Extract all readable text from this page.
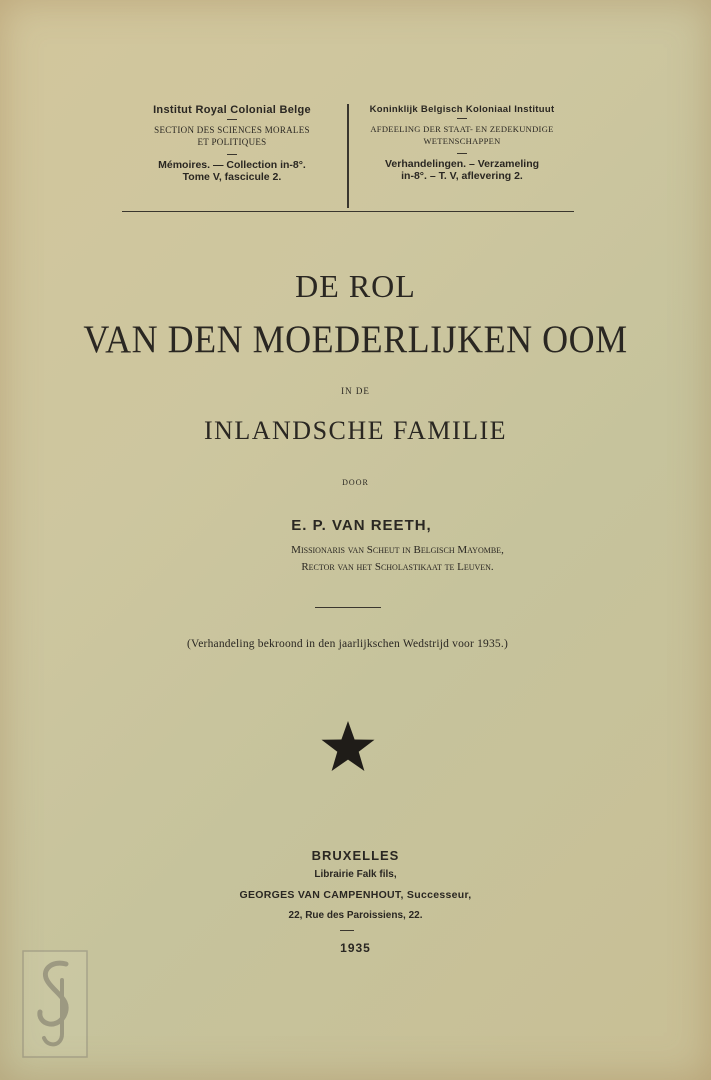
Institut Royal Colonial Belge
SECTION DES SCIENCES MORALES
ET POLITIQUES
Mémoires. — Collection in-8°.
Tome V, fascicule 2.
Koninklijk Belgisch Koloniaal Instituut
AFDEELING DER STAAT- EN ZEDEKUNDIGE
WETENSCHAPPEN
Verhandelingen. – Verzameling
in-8°. – T. V, aflevering 2.
DE ROL
VAN DEN MOEDERLIJKEN OOM
IN DE
INLANDSCHE FAMILIE
DOOR
E. P. VAN REETH,
Missionaris van Scheut in Belgisch Mayombe,
Rector van het Scholastikaat te Leuven.
(Verhandeling bekroond in den jaarlijkschen Wedstrijd voor 1935.)
BRUXELLES
Librairie Falk fils,
GEORGES VAN CAMPENHOUT, Successeur,
22, Rue des Paroissiens, 22.
1935
